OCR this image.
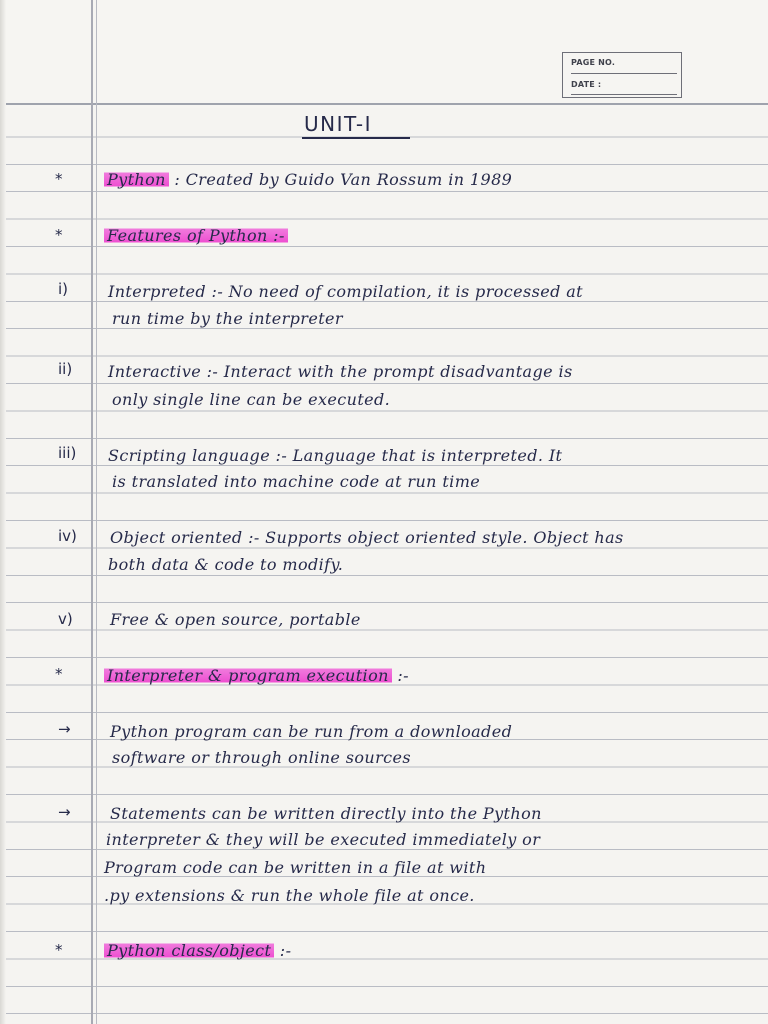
PAGE NO.
DATE :
UNIT-I
*	Python : Created by Guido Van Rossum in 1989
*	Features of Python :-
i) Interpreted :- No need of compilation, it is processed at
run time by the interpreter
ii) Interactive :- Interact with the prompt disadvantage is
only single line can be executed.
iii) Scripting language :- Language that is interpreted. It
is translated into machine code at run time
iv) Object oriented :- Supports object oriented style. Object has
both data & code to modify.
v) Free & open source, portable
*	Interpreter & program execution :-
→ Python program can be run from a downloaded
software or through online sources
→ Statements can be written directly into the Python
interpreter & they will be executed immediately or
Program code can be written in a file at with
.py extensions & run the whole file at once.
*	Python class/object :-
